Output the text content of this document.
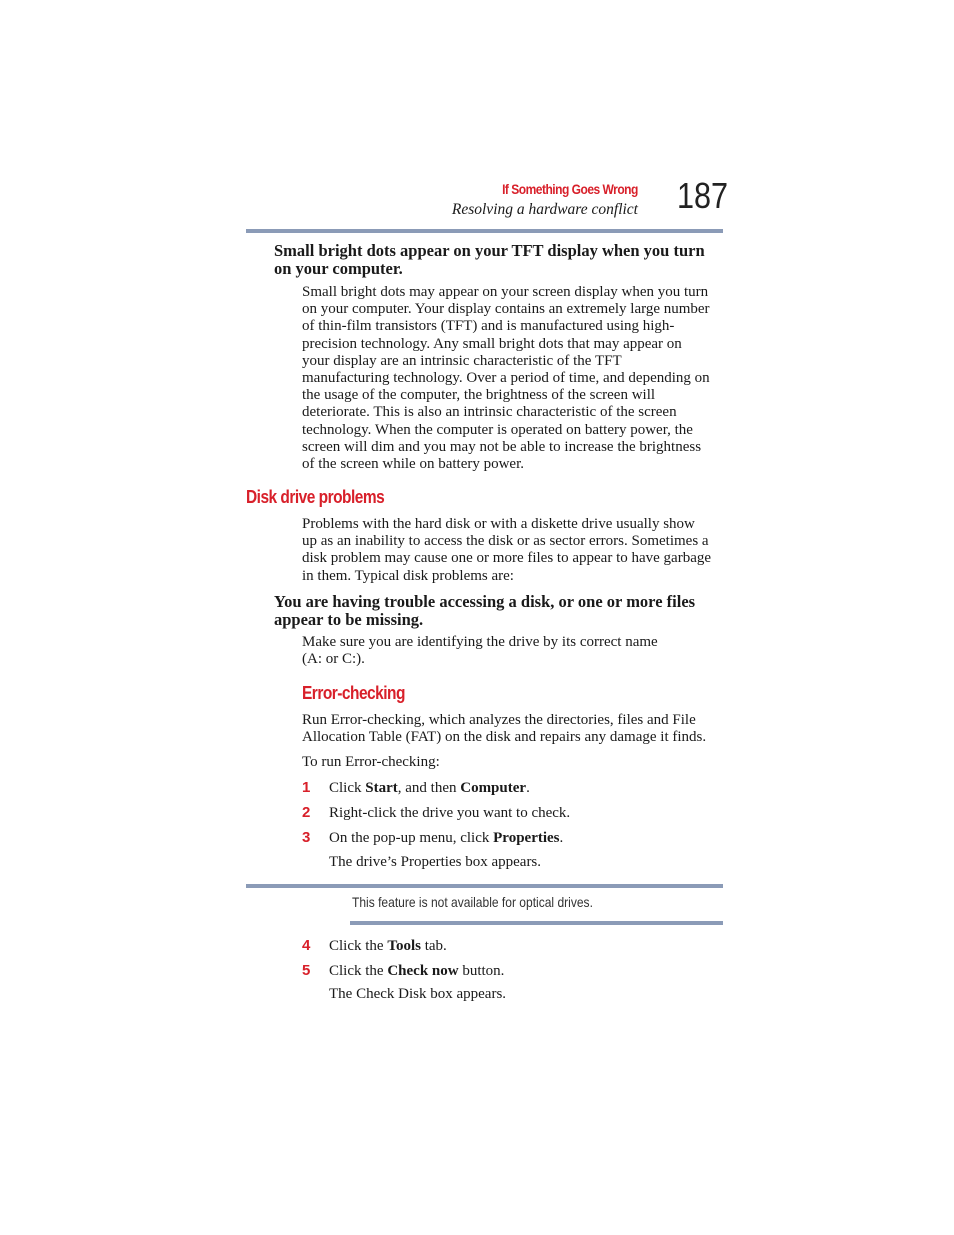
If Something Goes Wrong
Resolving a hardware conflict 187
Small bright dots appear on your TFT display when you turn
on your computer.
Small bright dots may appear on your screen display when you turn
on your computer. Your display contains an extremely large number
of thin-film transistors (TFT) and is manufactured using high-
precision technology. Any small bright dots that may appear on
your display are an intrinsic characteristic of the TFT
manufacturing technology. Over a period of time, and depending on
the usage of the computer, the brightness of the screen will
deteriorate. This is also an intrinsic characteristic of the screen
technology. When the computer is operated on battery power, the
screen will dim and you may not be able to increase the brightness
of the screen while on battery power.
Disk drive problems
Problems with the hard disk or with a diskette drive usually show
up as an inability to access the disk or as sector errors. Sometimes a
disk problem may cause one or more files to appear to have garbage
in them. Typical disk problems are:
You are having trouble accessing a disk, or one or more files
appear to be missing.
Make sure you are identifying the drive by its correct name
(A: or C:).
Error-checking
Run Error-checking, which analyzes the directories, files and File
Allocation Table (FAT) on the disk and repairs any damage it finds.
To run Error-checking:
1 Click Start, and then Computer.
2 Right-click the drive you want to check.
3 On the pop-up menu, click Properties.
The drive’s Properties box appears.
This feature is not available for optical drives.
4 Click the Tools tab.
5 Click the Check now button.
The Check Disk box appears.
